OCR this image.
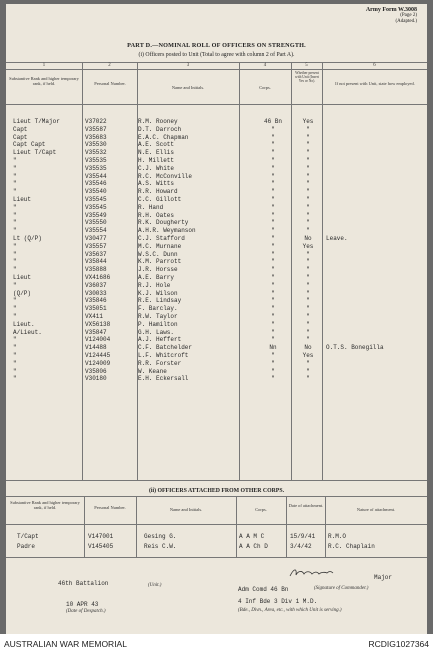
Army Form W.3008
(Page 2)
(Adapted.)
PART D.—NOMINAL ROLL OF OFFICERS ON STRENGTH.
(i) Officers posted to Unit (Total to agree with column 2 of Part A).
1	2	3	4	5	6
Substantive Rank and higher temporary rank, if held.	Personal Number.
Name and Initials.	Corps.
Whether present with Unit (Insert Yes or No).	If not present with Unit, state how employed.
Lieut T/Major	V37022	R.M. Rooney	46 Bn	Yes
Capt	V35587	D.T. Darroch	"	"
Capt	V35683	E.A.C. Chapman	"	"
Capt Capt	V35530	A.E. Scott	"	"
Lieut T/Capt	V35532	N.E. Ellis	"	"
"	V35535	H. Millett	"	"
"	V35535	C.J. White	"	"
"	V35544	R.C. McConville	"	"
"	V35546	A.S. Witts	"	"
"	V35540	R.R. Howard	"	"
Lieut	V35545	C.C. Gillott	"	"
"	V35545	R. Hand	"	"
"	V35549	R.H. Oates	"	"
"	V35550	R.K. Dougherty	"	"
"	V35554	A.H.R. Weymanson	"	"
Lt (Q/P)	V30477	C.J. Stafford	"	No	Leave.
"	V35557	M.C. Murnane	"	Yes
"	V35637	W.S.C. Dunn	"	"
"	V35844	K.M. Parrott	"	"
"	V35888	J.R. Horsse	"	"
Lieut	VX41686	A.E. Barry	"	"
"	V36037	R.J. Hole	"	"
(Q/P)	V30033	K.J. Wilson	"	"
"	V35846	R.E. Lindsay	"	"
"	V35051	F. Barclay.	"	"
"	VX411	R.W. Taylor	"	"
Lieut.	VX56138	P. Hamilton	"	"
A/Lieut.	V35847	G.H. Laws.	"	"
"	V124004	A.J. Heffert	"	"
"	V14488	C.F. Batchelder	Nn	No	O.T.S. Bonegilla
"	V124445	L.F. Whitcroft	"	Yes
"	V124009	R.R. Forster	"	"
"	V35806	W. Keane	"	"
"	V30180	E.H. Eckersall	"	"
(ii) OFFICERS ATTACHED FROM OTHER CORPS.
Substantive Rank and higher temporary rank, if held.	Personal Number.	Name and Initials.	Corps.
Date of attachment.
Nature of attachment.
T/Capt	V147001	Gesing G.	A A M C	15/9/41	R.M.O
Padre	V145405	Reis C.W.	A A Ch D	3/4/42	R.C. Chaplain
46th Battalion	(Unit.)
10 APR 43
(Date of Despatch.)
Major
Adm Comd 46 Bn	(Signature of Commander.)
4 Inf Bde 3 Div 1 M.D.
(Bde., Divn., Area, etc., with which Unit is serving.)
AUSTRALIAN WAR MEMORIAL	RCDIG1027364
